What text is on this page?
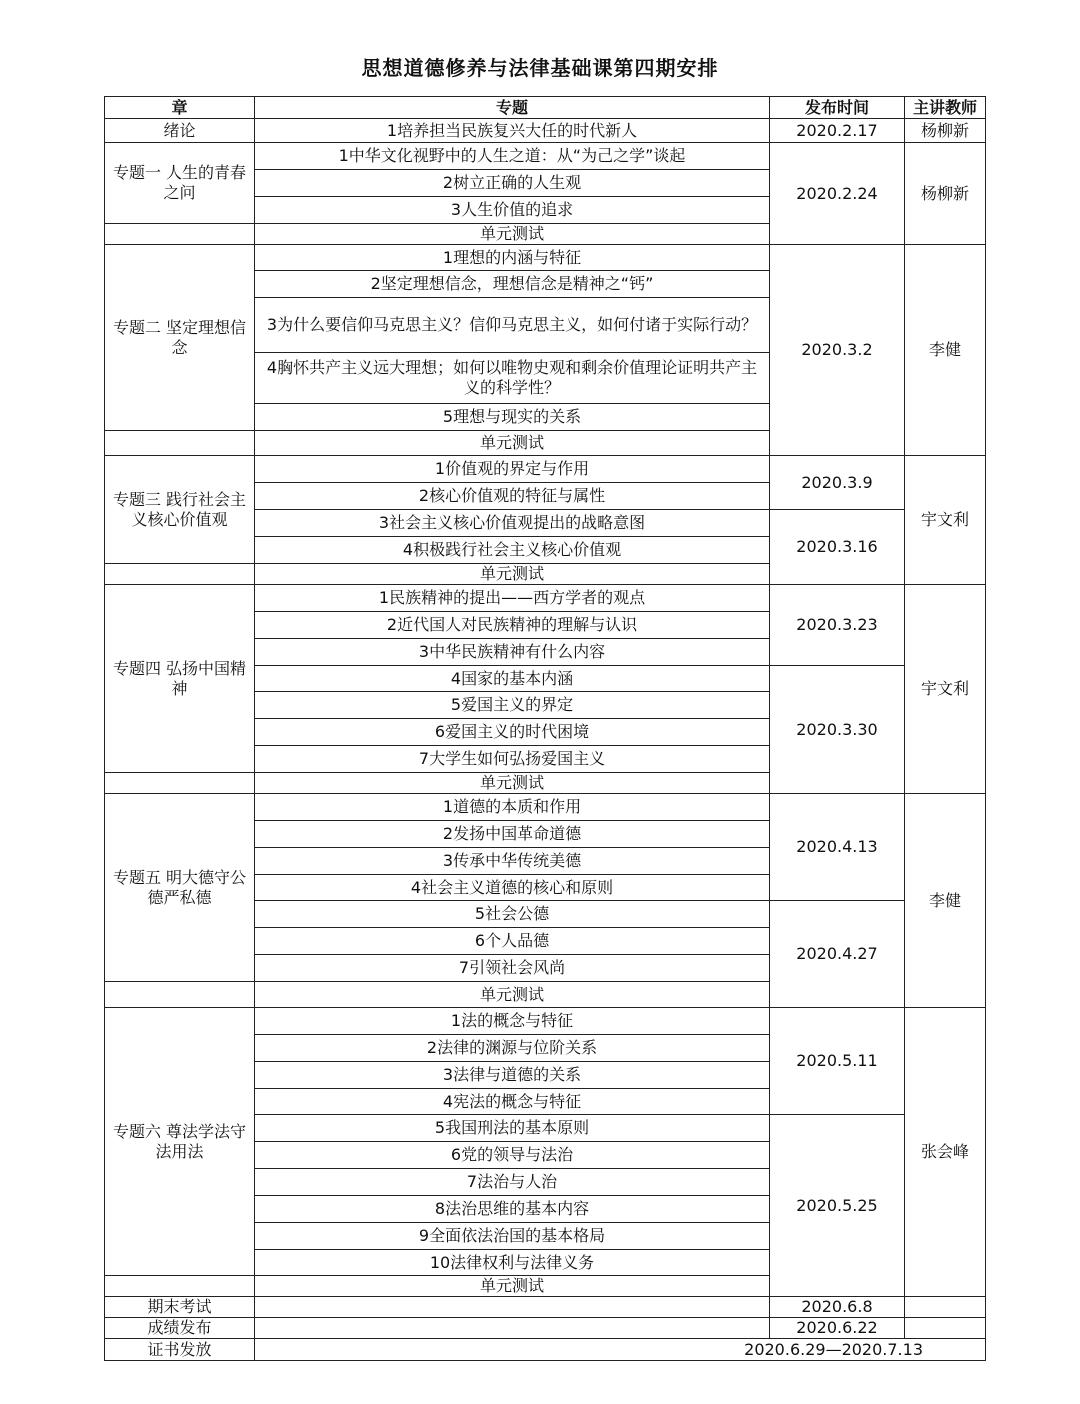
思想道德修养与法律基础课第四期安排
章	专题	发布时间	主讲教师
绪论	1培养担当民族复兴大任的时代新人	2020.2.17	杨柳新
专题一 人生的青春之问	1中华文化视野中的人生之道：从“为己之学”谈起	2020.2.24	杨柳新
	2树立正确的人生观		
	3人生价值的追求		
	单元测试		
专题二 坚定理想信念	1理想的内涵与特征	2020.3.2	李健
	2坚定理想信念，理想信念是精神之“钙”		
	3为什么要信仰马克思主义？信仰马克思主义，如何付诸于实际行动？		
	4胸怀共产主义远大理想；如何以唯物史观和剩余价值理论证明共产主义的科学性？		
	5理想与现实的关系		
	单元测试		
专题三 践行社会主义核心价值观	1价值观的界定与作用	2020.3.9	宇文利
	2核心价值观的特征与属性		
	3社会主义核心价值观提出的战略意图	2020.3.16	
	4积极践行社会主义核心价值观		
	单元测试		
专题四 弘扬中国精神	1民族精神的提出——西方学者的观点	2020.3.23	宇文利
	2近代国人对民族精神的理解与认识		
	3中华民族精神有什么内容		
	4国家的基本内涵	2020.3.30	
	5爱国主义的界定		
	6爱国主义的时代困境		
	7大学生如何弘扬爱国主义		
	单元测试		
专题五 明大德守公德严私德	1道德的本质和作用	2020.4.13	李健
	2发扬中国革命道德		
	3传承中华传统美德		
	4社会主义道德的核心和原则		
	5社会公德	2020.4.27	
	6个人品德		
	7引领社会风尚		
	单元测试		
专题六 尊法学法守法用法	1法的概念与特征	2020.5.11	张会峰
	2法律的渊源与位阶关系		
	3法律与道德的关系		
	4宪法的概念与特征		
	5我国刑法的基本原则	2020.5.25	
	6党的领导与法治		
	7法治与人治		
	8法治思维的基本内容		
	9全面依法治国的基本格局		
	10法律权利与法律义务		
	单元测试		
期末考试		2020.6.8	
成绩发布		2020.6.22	
证书发放	2020.6.29—2020.7.13		
